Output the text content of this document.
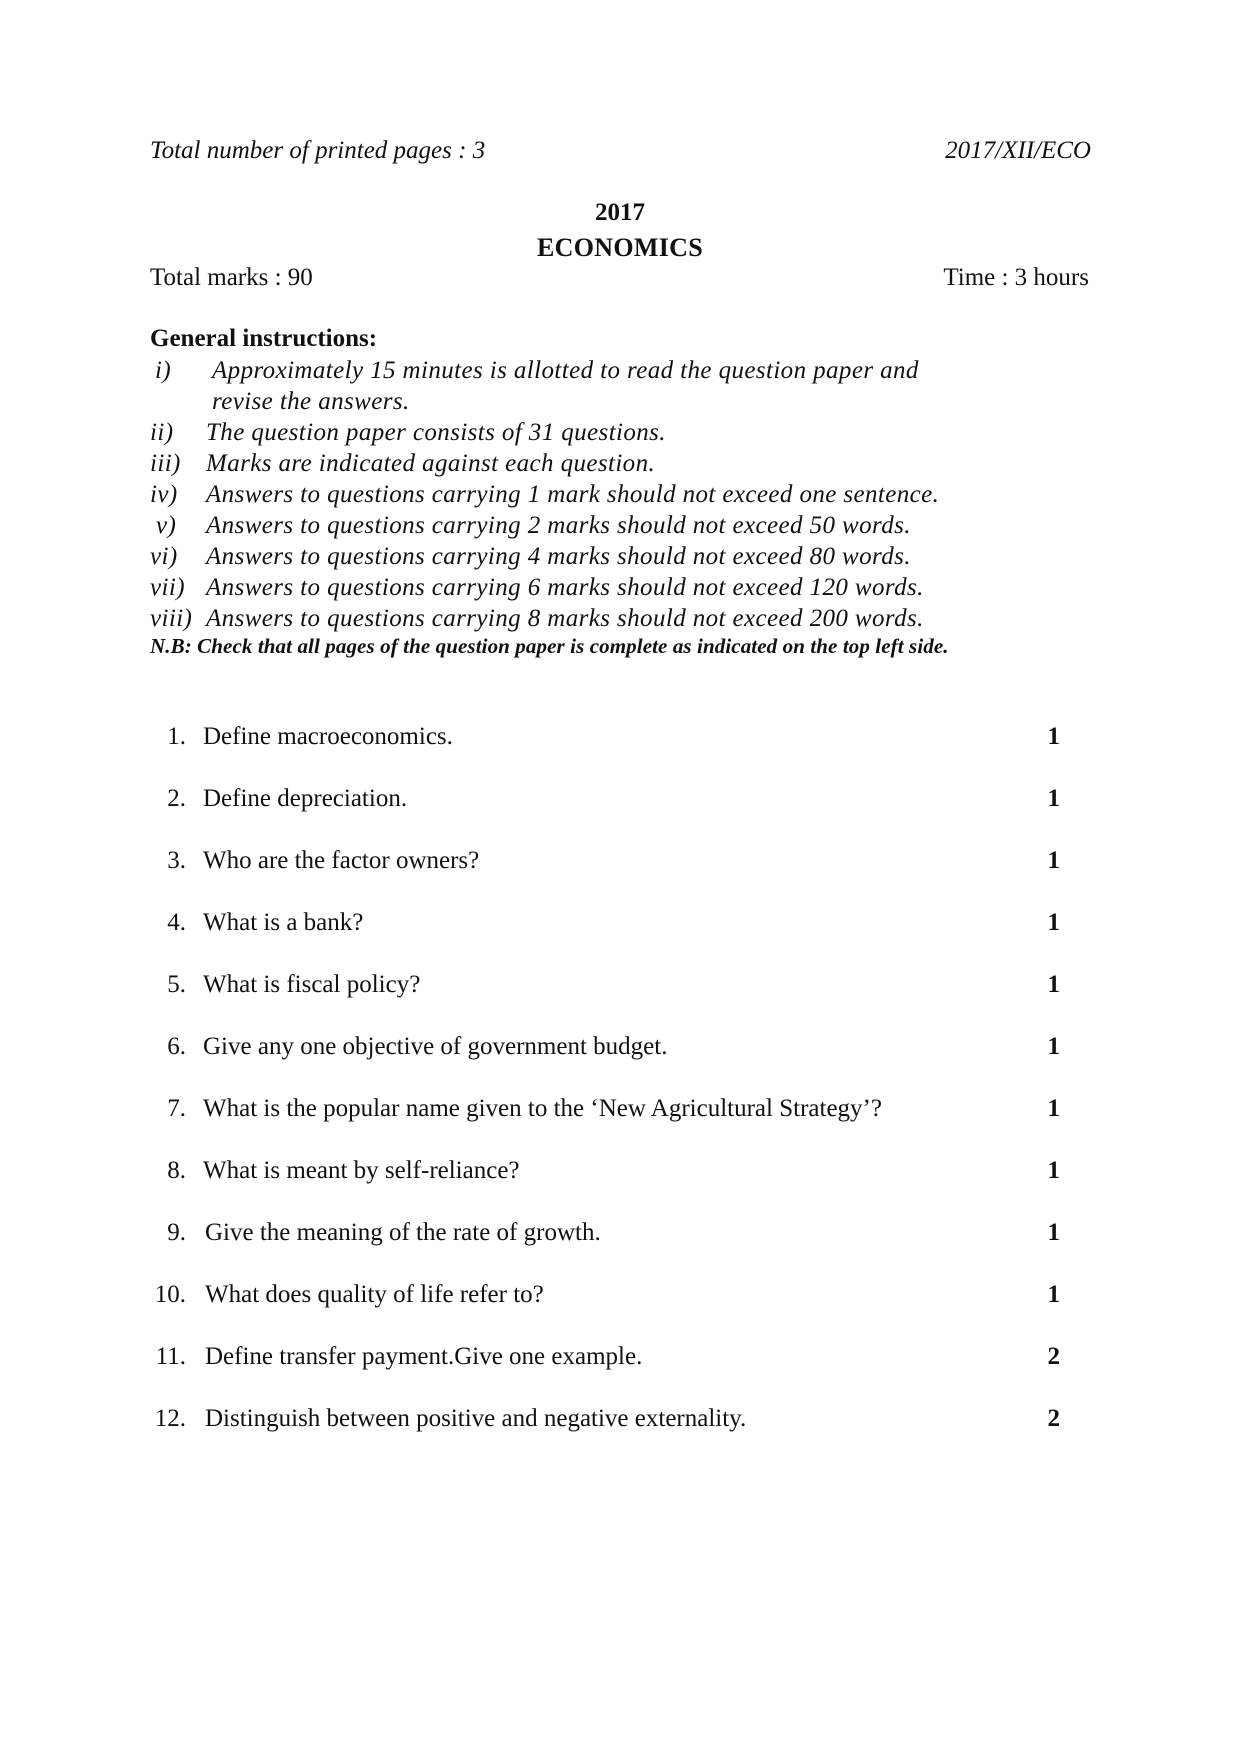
Total number of printed pages : 3	2017/XII/ECO
2017
ECONOMICS
Total marks : 90	Time : 3 hours
General instructions:
i) Approximately 15 minutes is allotted to read the question paper and
revise the answers.
ii) The question paper consists of 31 questions.
iii) Marks are indicated against each question.
iv) Answers to questions carrying 1 mark should not exceed one sentence.
v) Answers to questions carrying 2 marks should not exceed 50 words.
vi) Answers to questions carrying 4 marks should not exceed 80 words.
vii) Answers to questions carrying 6 marks should not exceed 120 words.
viii) Answers to questions carrying 8 marks should not exceed 200 words.
N.B: Check that all pages of the question paper is complete as indicated on the top left side.
1. Define macroeconomics.	1
2. Define depreciation.	1
3. Who are the factor owners?	1
4. What is a bank?	1
5. What is fiscal policy?	1
6. Give any one objective of government budget.	1
7. What is the popular name given to the ‘New Agricultural Strategy’?	1
8. What is meant by self-reliance?	1
9. Give the meaning of the rate of growth.	1
10. What does quality of life refer to?	1
11. Define transfer payment.Give one example.	2
12. Distinguish between positive and negative externality.	2
